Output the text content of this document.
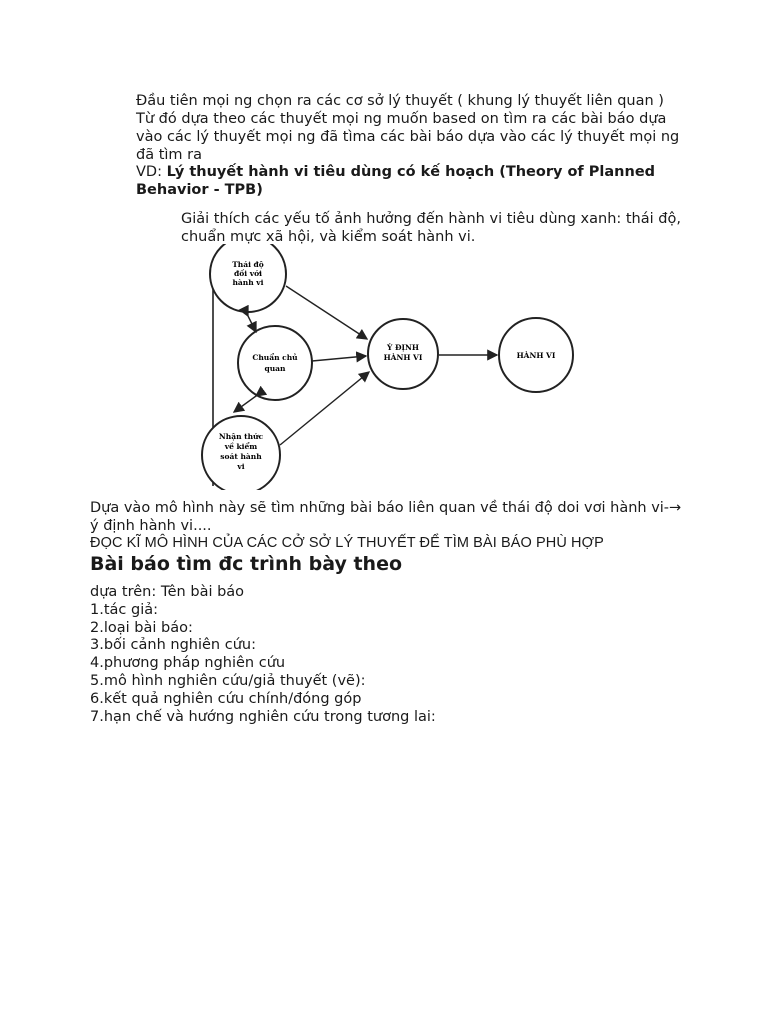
Đầu tiên mọi ng chọn ra các cơ sở lý thuyết ( khung lý thuyết liên quan )
Từ đó dựa theo các thuyết mọi ng muốn based on tìm ra các bài báo dựa vào các lý thuyết mọi ng đã tìma các bài báo dựa vào các lý thuyết mọi ng đã tìm ra
VD: Lý thuyết hành vi tiêu dùng có kế hoạch (Theory of Planned Behavior - TPB)
Giải thích các yếu tố ảnh hưởng đến hành vi tiêu dùng xanh: thái độ, chuẩn mực xã hội, và kiểm soát hành vi.
Thái độ
đối với
hành vi
Chuẩn chủ
quan
Nhận thức
về kiểm
soát hành
vi
Ý ĐỊNH
HÀNH VI	HÀNH VI
Dựa vào mô hình này sẽ tìm những bài báo liên quan về thái độ doi vơi hành vi-→ ý định hành vi....
ĐỌC KĨ MÔ HÌNH CỦA CÁC CỞ SỞ LÝ THUYẾT ĐỂ TÌM BÀI BÁO PHÙ HỢP
Bài báo tìm đc trình bày theo
dựa trên: Tên bài báo
1.tác giả:
2.loại bài báo:
3.bối cảnh nghiên cứu:
4.phương pháp nghiên cứu
5.mô hình nghiên cứu/giả thuyết (vẽ):
6.kết quả nghiên cứu chính/đóng góp
7.hạn chế và hướng nghiên cứu trong tương lai:
